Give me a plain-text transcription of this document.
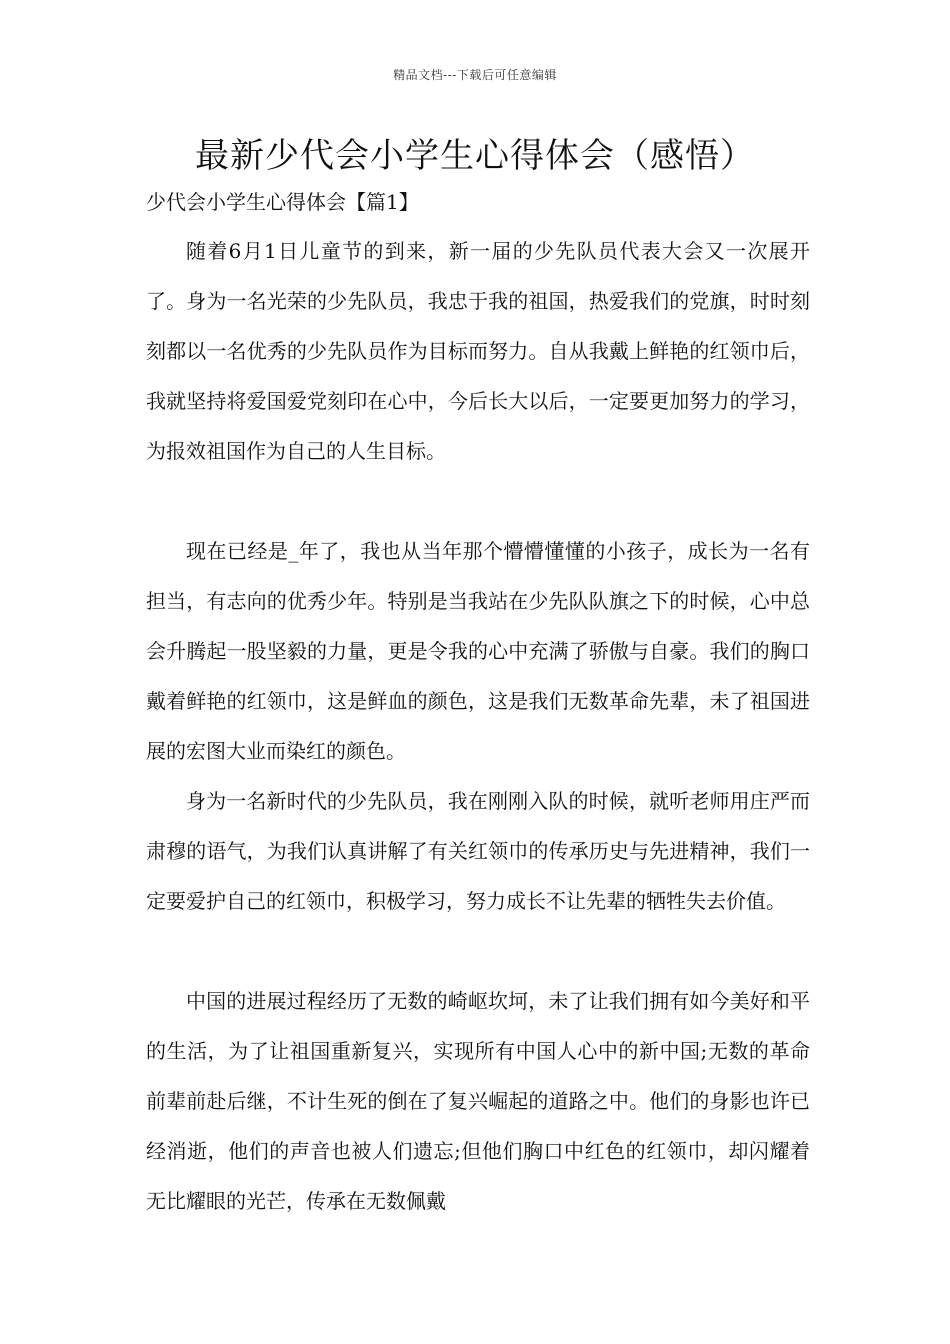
精品文档---下载后可任意编辑
最新少代会小学生心得体会（感悟）
少代会小学生心得体会【篇1】

随着6月1日儿童节的到来，新一届的少先队员代表大会又一次展开了。身为一名光荣的少先队员，我忠于我的祖国，热爱我们的党旗，时时刻刻都以一名优秀的少先队员作为目标而努力。自从我戴上鲜艳的红领巾后，我就坚持将爱国爱党刻印在心中，今后长大以后，一定要更加努力的学习，为报效祖国作为自己的人生目标。

现在已经是_年了，我也从当年那个懵懵懂懂的小孩子，成长为一名有担当，有志向的优秀少年。特别是当我站在少先队队旗之下的时候，心中总会升腾起一股坚毅的力量，更是令我的心中充满了骄傲与自豪。我们的胸口戴着鲜艳的红领巾，这是鲜血的颜色，这是我们无数革命先辈，未了祖国进展的宏图大业而染红的颜色。

身为一名新时代的少先队员，我在刚刚入队的时候，就听老师用庄严而肃穆的语气，为我们认真讲解了有关红领巾的传承历史与先进精神，我们一定要爱护自己的红领巾，积极学习，努力成长不让先辈的牺牲失去价值。

中国的进展过程经历了无数的崎岖坎坷，未了让我们拥有如今美好和平的生活，为了让祖国重新复兴，实现所有中国人心中的新中国;无数的革命前辈前赴后继，不计生死的倒在了复兴崛起的道路之中。他们的身影也许已经消逝，他们的声音也被人们遗忘;但他们胸口中红色的红领巾，却闪耀着无比耀眼的光芒，传承在无数佩戴
